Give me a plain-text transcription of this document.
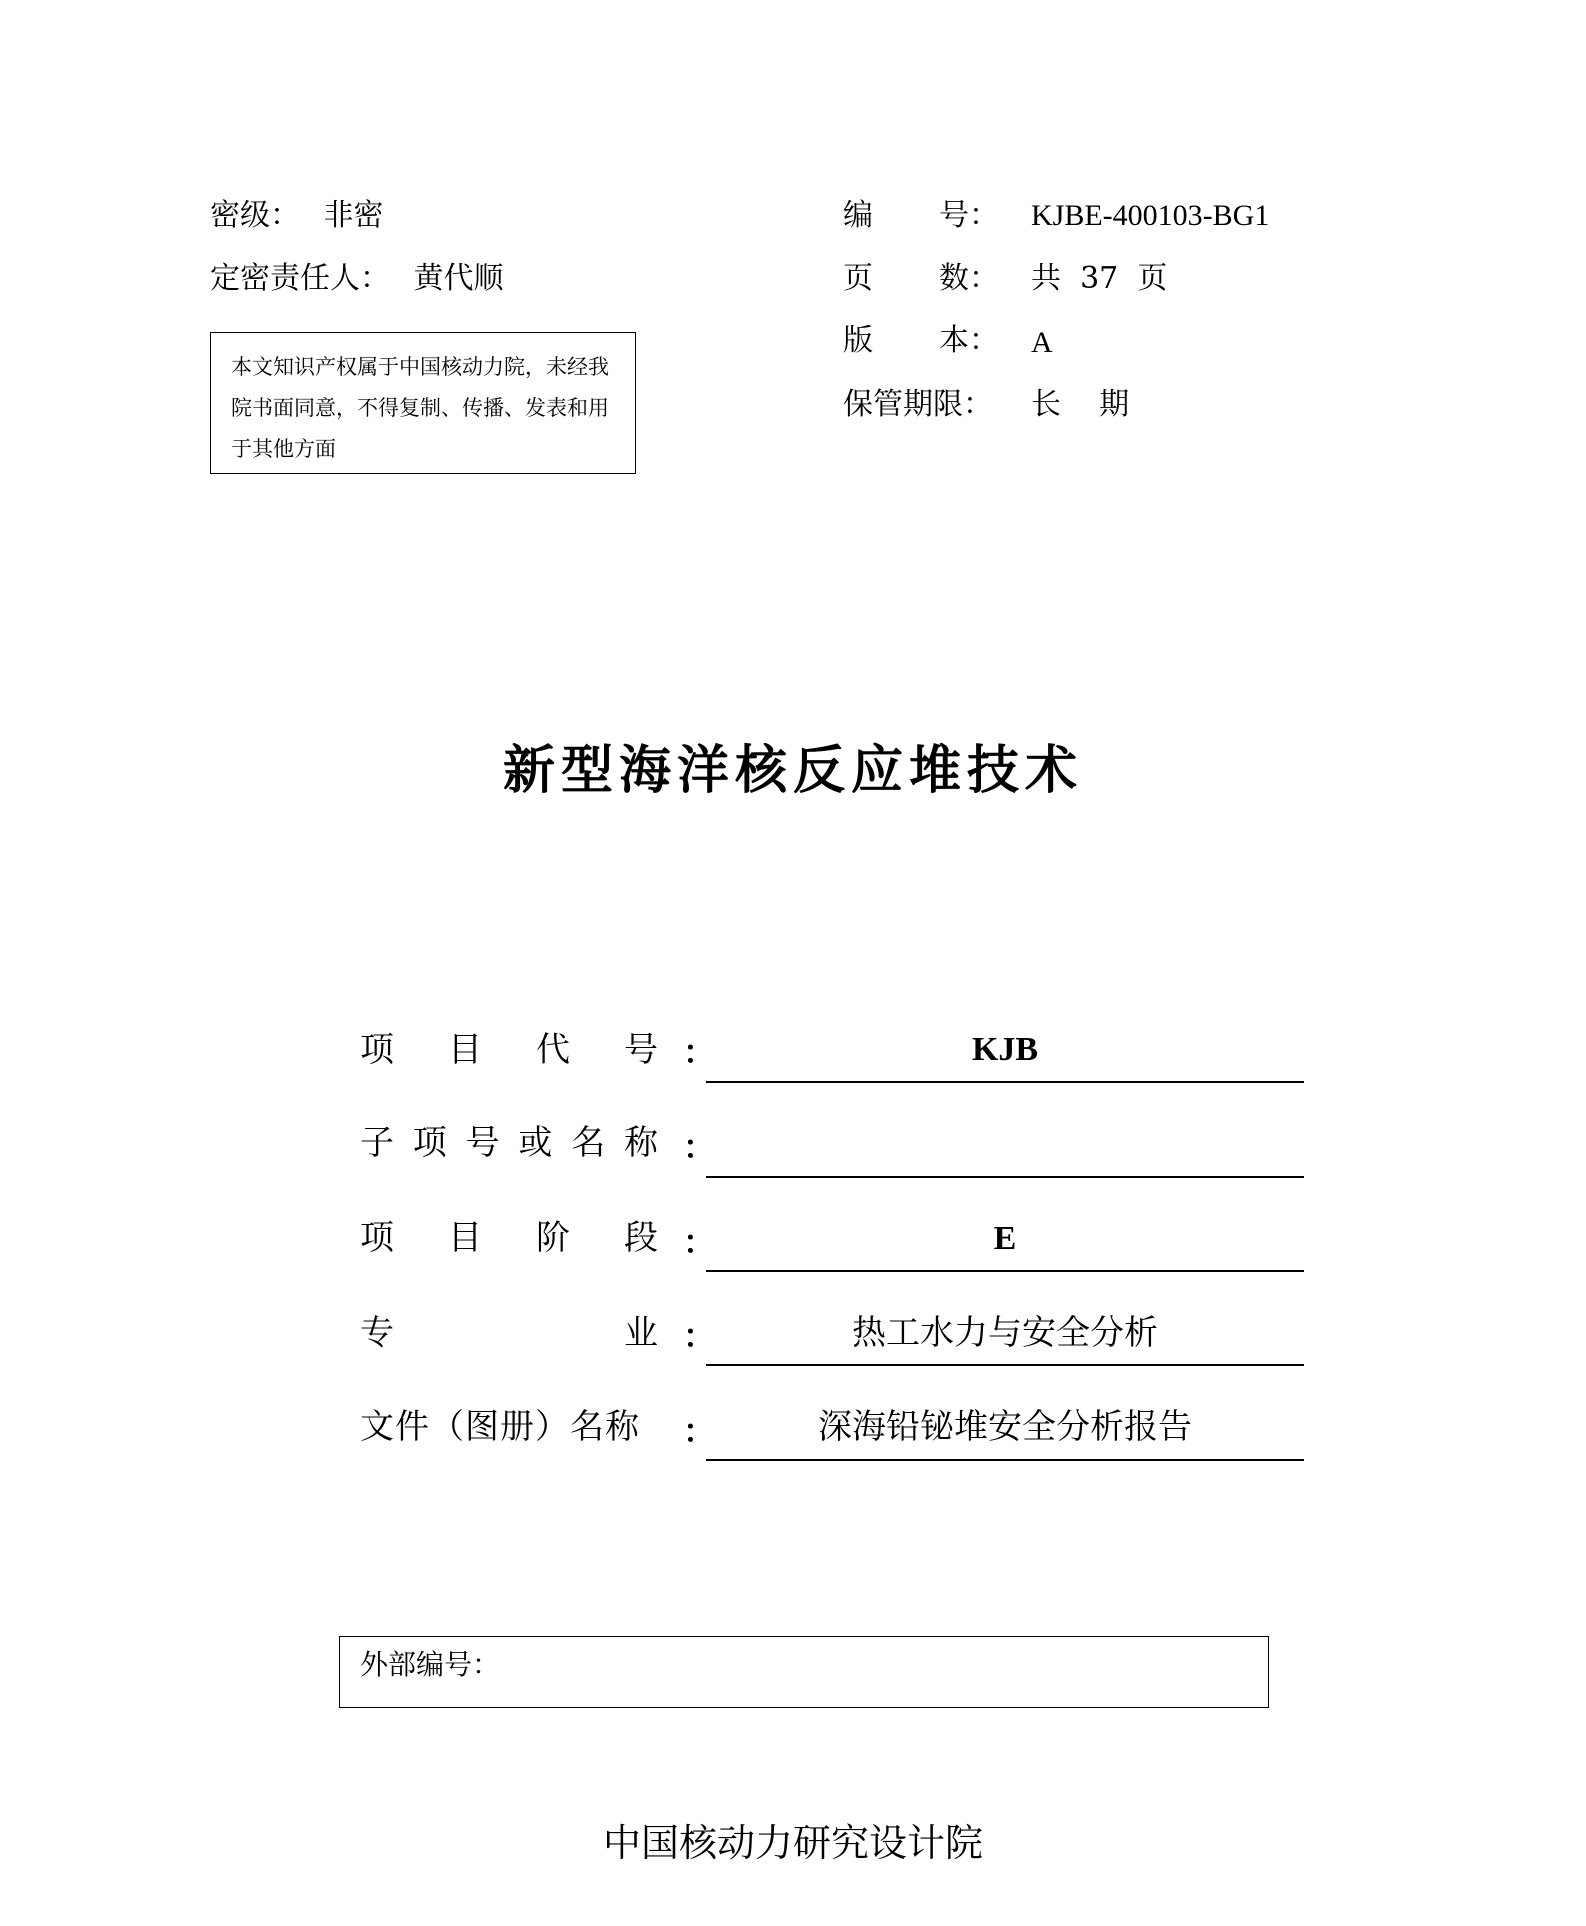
密级： 非密
定密责任人： 黄代顺
本文知识产权属于中国核动力院，未经我院书面同意，不得复制、传播、发表和用于其他方面
编 号： KJBE-400103-BG1
页 数： 共  37  页
版 本： A
保管期限： 长    期
新型海洋核反应堆技术
项 目 代 号 ：	KJB
子 项 号 或 名 称 ：
项 目 阶 段 ：	E
专	业 ：	热工水力与安全分析
文件（图册）名称 ：	深海铅铋堆安全分析报告
外部编号：
中国核动力研究设计院
